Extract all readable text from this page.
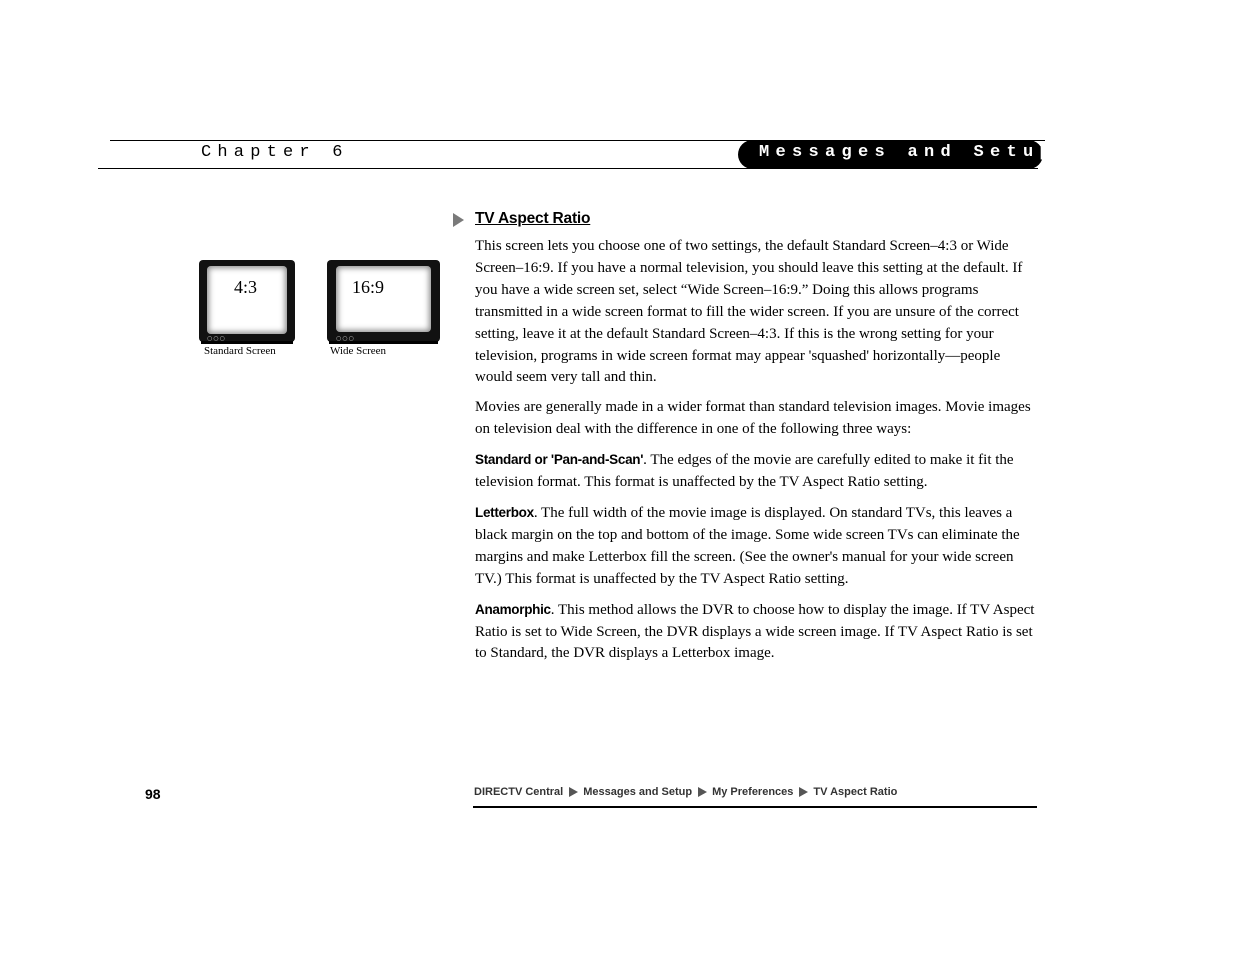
Chapter 6	Messages and Setup
4:3
○○○
Standard Screen
16:9
○○○
Wide Screen
TV Aspect Ratio

This screen lets you choose one of two settings, the default Standard Screen–4:3 or Wide Screen–16:9. If you have a normal television, you should leave this setting at the default. If you have a wide screen set, select “Wide Screen–16:9.” Doing this allows programs transmitted in a wide screen format to fill the wider screen. If you are unsure of the correct setting, leave it at the default Standard Screen–4:3. If this is the wrong setting for your television, programs in wide screen format may appear 'squashed' horizontally—people would seem very tall and thin.

Movies are generally made in a wider format than standard television images. Movie images on television deal with the difference in one of the following three ways:

Standard or 'Pan-and-Scan'. The edges of the movie are carefully edited to make it fit the television format. This format is unaffected by the TV Aspect Ratio setting.

Letterbox. The full width of the movie image is displayed. On standard TVs, this leaves a black margin on the top and bottom of the image. Some wide screen TVs can eliminate the margins and make Letterbox fill the screen. (See the owner's manual for your wide screen TV.) This format is unaffected by the TV Aspect Ratio setting.

Anamorphic. This method allows the DVR to choose how to display the image. If TV Aspect Ratio is set to Wide Screen, the DVR displays a wide screen image. If TV Aspect Ratio is set to Standard, the DVR displays a Letterbox image.

98	DIRECTV Central Messages and Setup My Preferences TV Aspect Ratio
